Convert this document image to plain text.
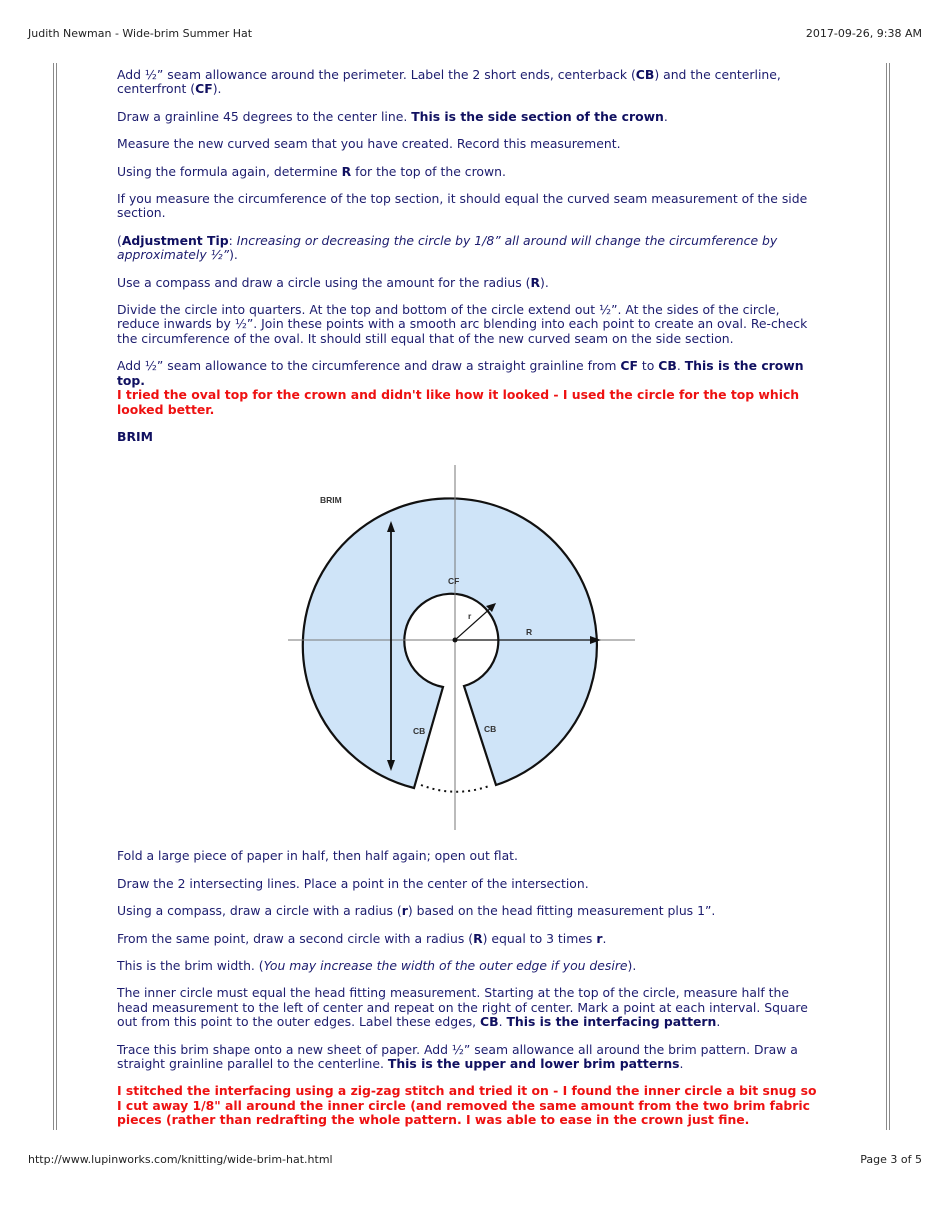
Judith Newman - Wide-brim Summer Hat	2017-09-26, 9:38 AM

Add ½” seam allowance around the perimeter. Label the 2 short ends, centerback (CB) and the centerline, centerfront (CF).

Draw a grainline 45 degrees to the center line. This is the side section of the crown.

Measure the new curved seam that you have created. Record this measurement.

Using the formula again, determine R for the top of the crown.

If you measure the circumference of the top section, it should equal the curved seam measurement of the side section.

(Adjustment Tip: Increasing or decreasing the circle by 1/8” all around will change the circumference by approximately ½”).

Use a compass and draw a circle using the amount for the radius (R).

Divide the circle into quarters. At the top and bottom of the circle extend out ½”. At the sides of the circle, reduce inwards by ½”. Join these points with a smooth arc blending into each point to create an oval. Re-check the circumference of the oval. It should still equal that of the new curved seam on the side section.

Add ½” seam allowance to the circumference and draw a straight grainline from CF to CB. This is the crown top.

I tried the oval top for the crown and didn't like how it looked - I used the circle for the top which looked better.

BRIM

Fold a large piece of paper in half, then half again; open out flat.

Draw the 2 intersecting lines. Place a point in the center of the intersection.

Using a compass, draw a circle with a radius (r) based on the head fitting measurement plus 1”.

From the same point, draw a second circle with a radius (R) equal to 3 times r.

This is the brim width. (You may increase the width of the outer edge if you desire).

The inner circle must equal the head fitting measurement. Starting at the top of the circle, measure half the head measurement to the left of center and repeat on the right of center. Mark a point at each interval. Square out from this point to the outer edges. Label these edges, CB. This is the interfacing pattern.

Trace this brim shape onto a new sheet of paper. Add ½” seam allowance all around the brim pattern. Draw a straight grainline parallel to the centerline. This is the upper and lower brim patterns.

I stitched the interfacing using a zig-zag stitch and tried it on - I found the inner circle a bit snug so I cut away 1/8" all around the inner circle (and removed the same amount from the two brim fabric pieces (rather than redrafting the whole pattern. I was able to ease in the crown just fine.

BRIM
CF
r
R
CB	CB
http://www.lupinworks.com/knitting/wide-brim-hat.html	Page 3 of 5
